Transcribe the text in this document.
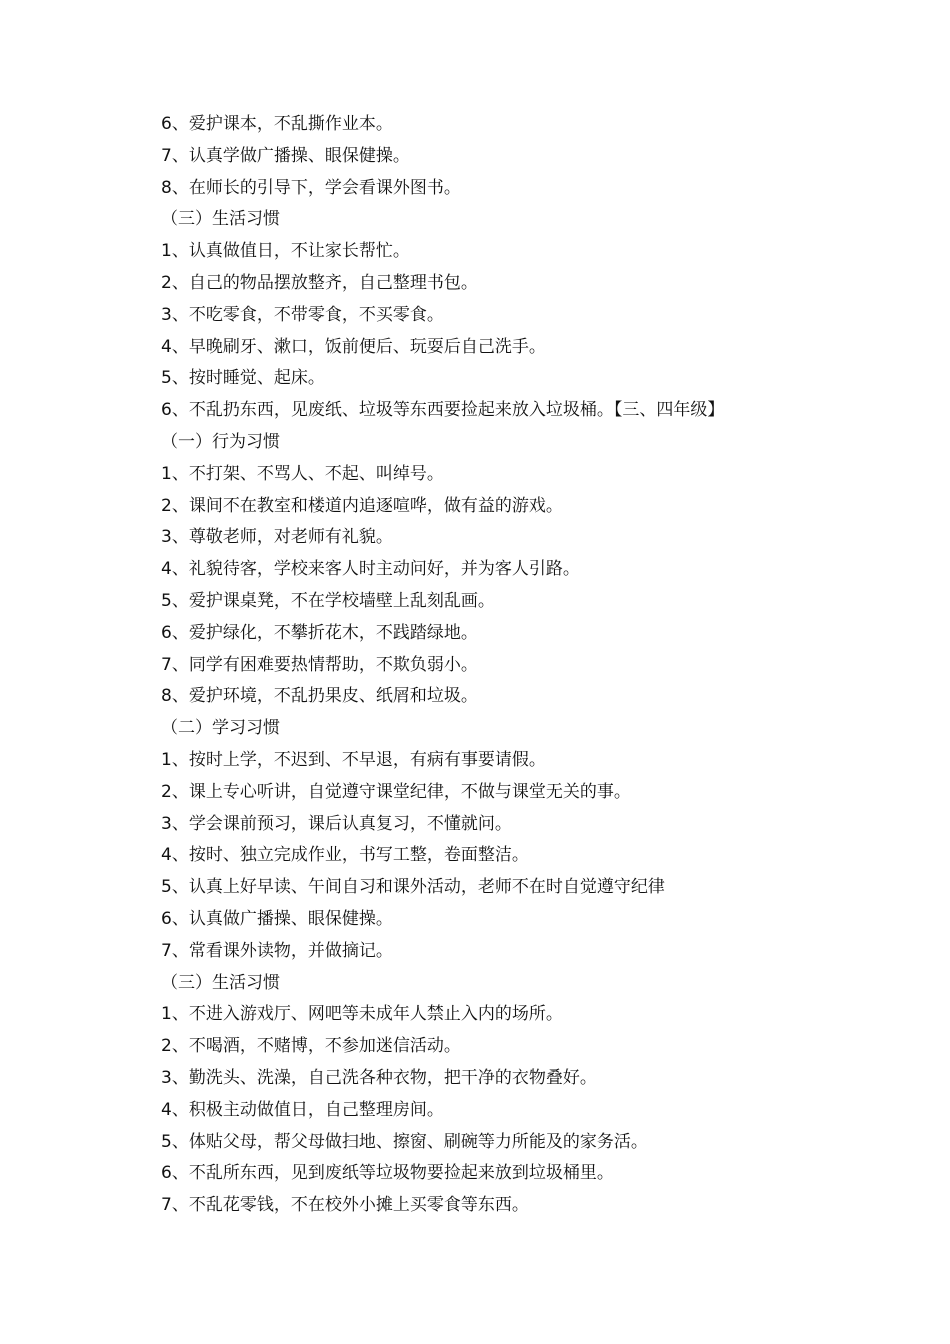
6、爱护课本，不乱撕作业本。
7、认真学做广播操、眼保健操。
8、在师长的引导下，学会看课外图书。
（三）生活习惯
1、认真做值日，不让家长帮忙。
2、自己的物品摆放整齐，自己整理书包。
3、不吃零食，不带零食，不买零食。
4、早晚刷牙、漱口，饭前便后、玩耍后自己洗手。
5、按时睡觉、起床。
6、不乱扔东西，见废纸、垃圾等东西要捡起来放入垃圾桶。【三、四年级】
（一）行为习惯
1、不打架、不骂人、不起、叫绰号。
2、课间不在教室和楼道内追逐喧哗，做有益的游戏。
3、尊敬老师，对老师有礼貌。
4、礼貌待客，学校来客人时主动问好，并为客人引路。
5、爱护课桌凳，不在学校墙壁上乱刻乱画。
6、爱护绿化，不攀折花木，不践踏绿地。
7、同学有困难要热情帮助，不欺负弱小。
8、爱护环境，不乱扔果皮、纸屑和垃圾。
（二）学习习惯
1、按时上学，不迟到、不早退，有病有事要请假。
2、课上专心听讲，自觉遵守课堂纪律，不做与课堂无关的事。
3、学会课前预习，课后认真复习，不懂就问。
4、按时、独立完成作业，书写工整，卷面整洁。
5、认真上好早读、午间自习和课外活动，老师不在时自觉遵守纪律
6、认真做广播操、眼保健操。
7、常看课外读物，并做摘记。
（三）生活习惯
1、不进入游戏厅、网吧等未成年人禁止入内的场所。
2、不喝酒，不赌博，不参加迷信活动。
3、勤洗头、洗澡，自己洗各种衣物，把干净的衣物叠好。
4、积极主动做值日，自己整理房间。
5、体贴父母，帮父母做扫地、擦窗、刷碗等力所能及的家务活。
6、不乱所东西，见到废纸等垃圾物要捡起来放到垃圾桶里。
7、不乱花零钱，不在校外小摊上买零食等东西。
